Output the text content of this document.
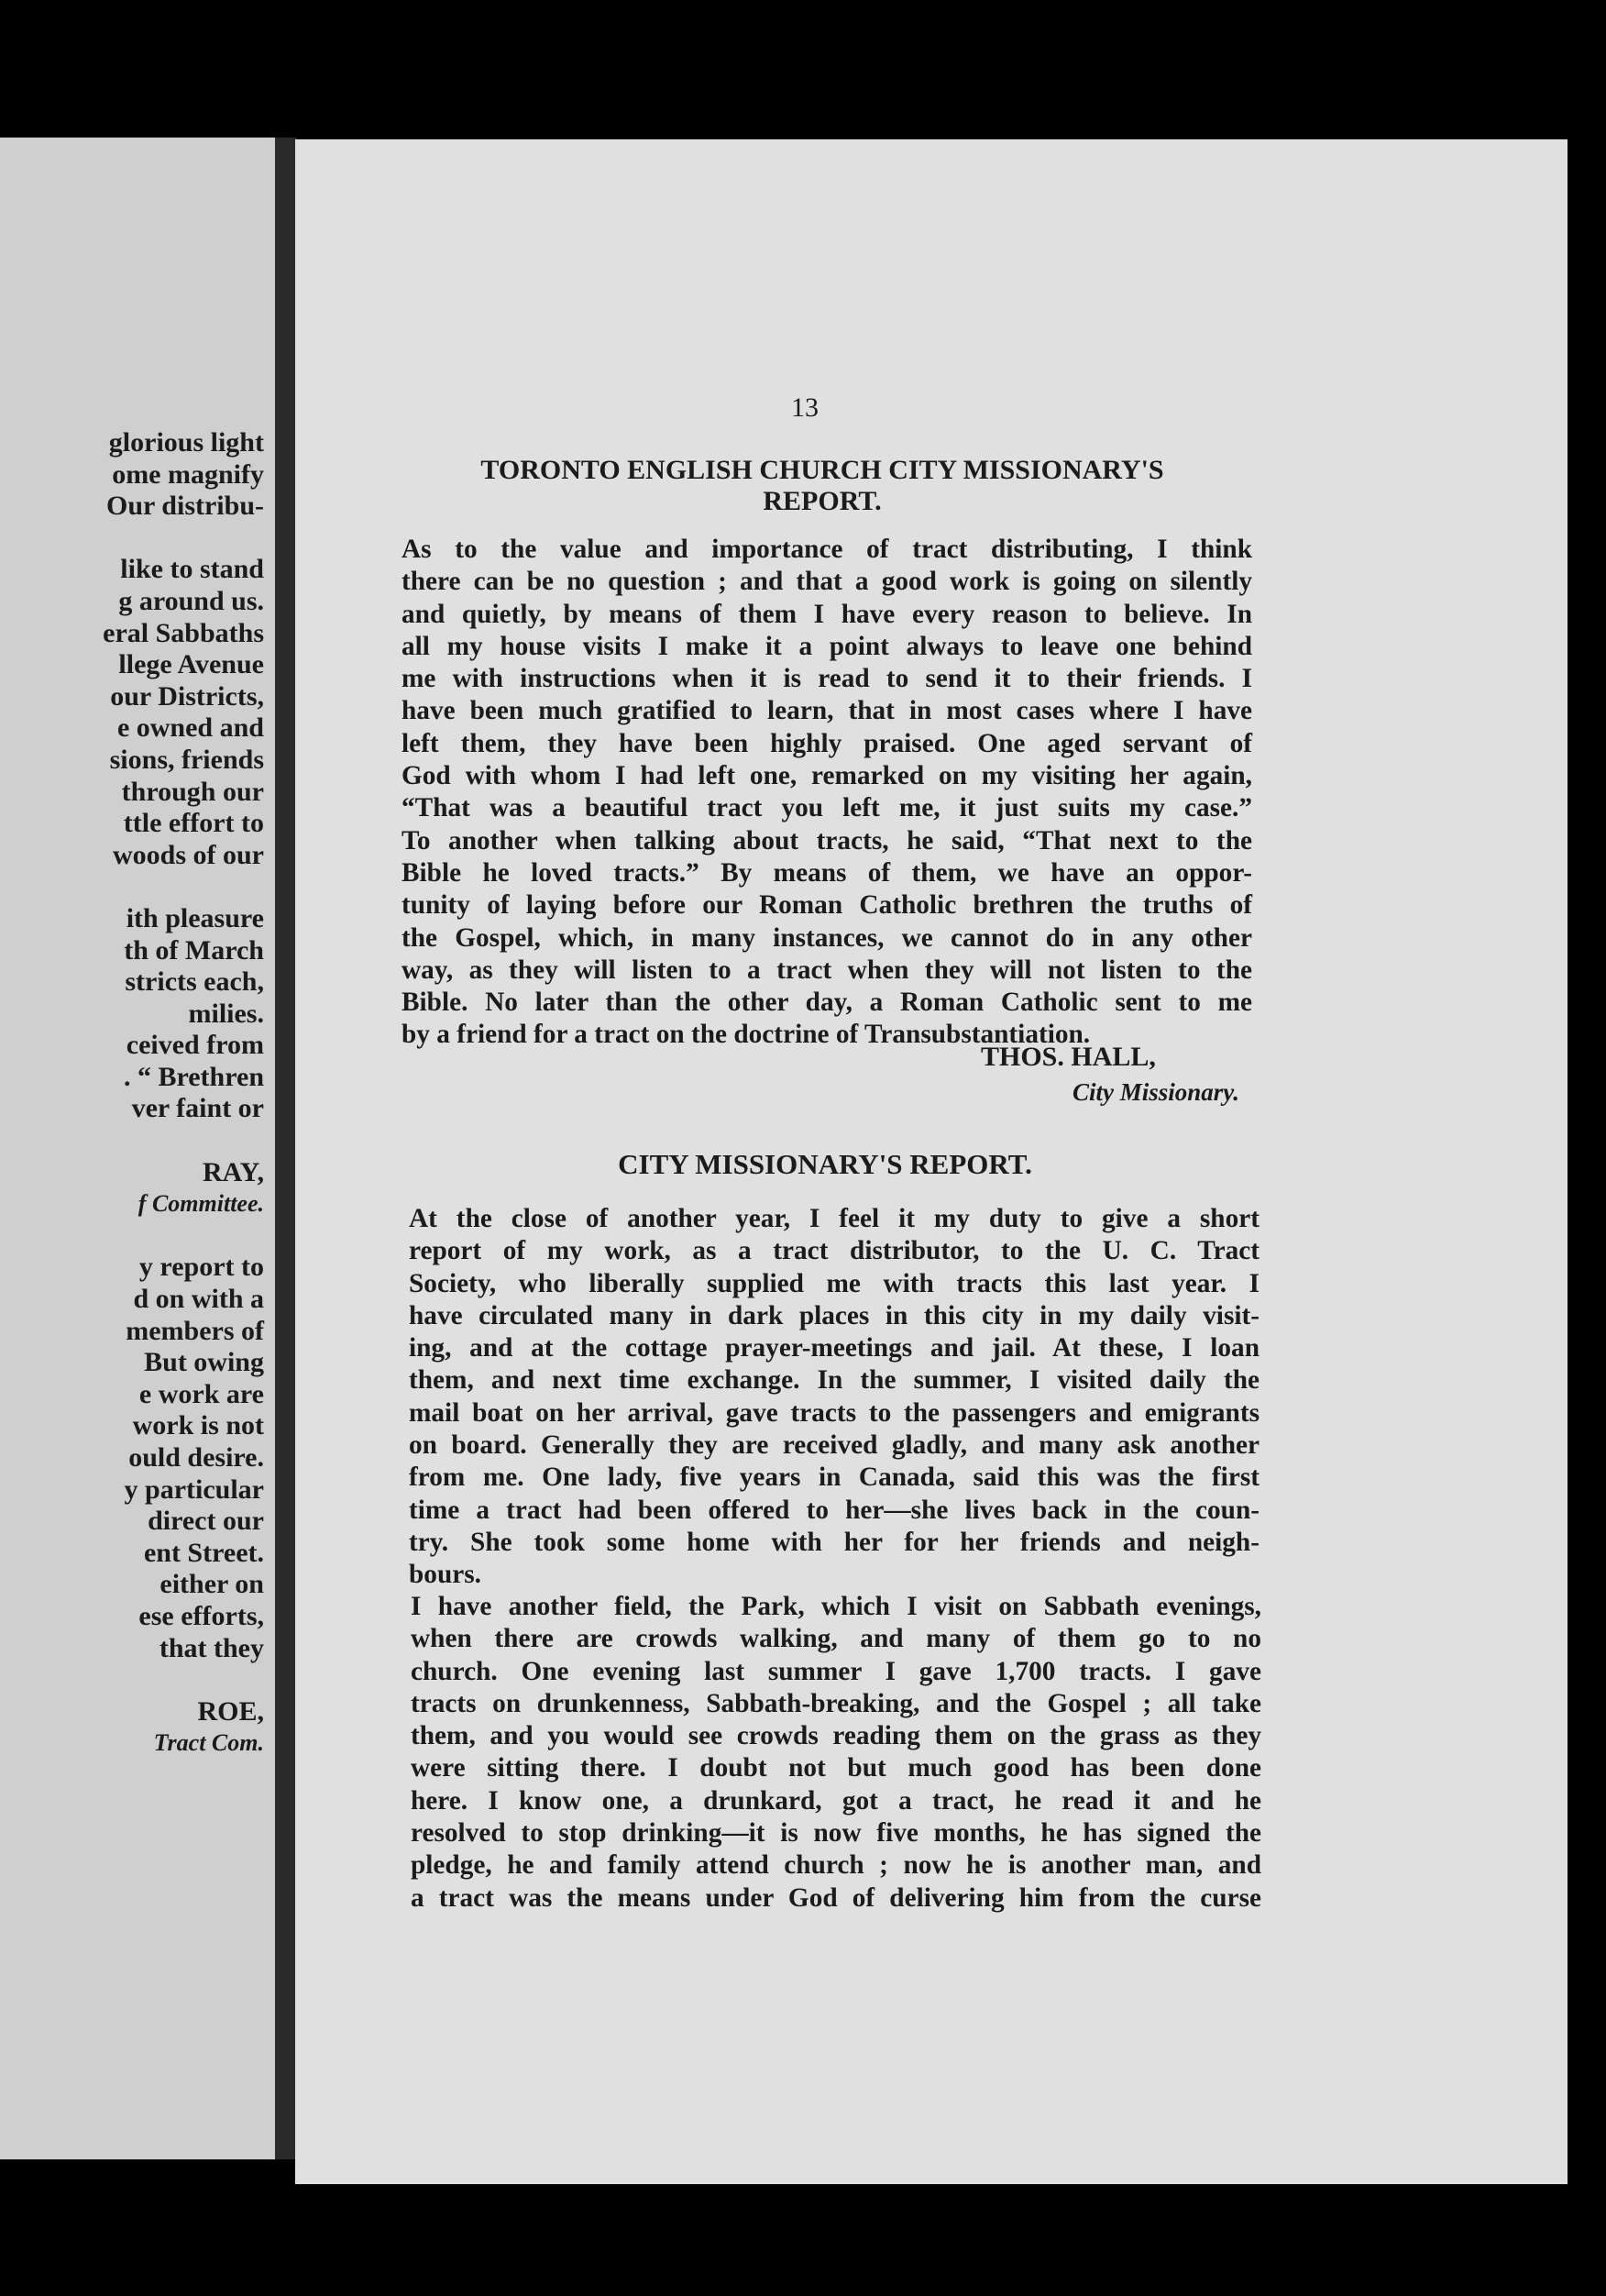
glorious light
ome magnify
Our distribu-

like to stand
g around us.
eral Sabbaths
llege Avenue
our Districts,
e owned and
sions, friends
through our
ttle effort to
woods of our

ith pleasure
th of March
stricts each,
milies.
ceived from
. “ Brethren
ver faint or

RAY,
f Committee.

y report to
d on with a
members of
But owing
e work are
work is not
ould desire.
y particular
direct our
ent Street.
either on
ese efforts,
that they

ROE,
Tract Com.
13
TORONTO ENGLISH CHURCH CITY MISSIONARY'S
REPORT.
As to the value and importance of tract distributing, I think
there can be no question ; and that a good work is going on silently
and quietly, by means of them I have every reason to believe. In
all my house visits I make it a point always to leave one behind
me with instructions when it is read to send it to their friends. I
have been much gratified to learn, that in most cases where I have
left them, they have been highly praised. One aged servant of
God with whom I had left one, remarked on my visiting her again,
“That was a beautiful tract you left me, it just suits my case.”
To another when talking about tracts, he said, “That next to the
Bible he loved tracts.” By means of them, we have an oppor-
tunity of laying before our Roman Catholic brethren the truths of
the Gospel, which, in many instances, we cannot do in any other
way, as they will listen to a tract when they will not listen to the
Bible. No later than the other day, a Roman Catholic sent to me
by a friend for a tract on the doctrine of Transubstantiation.
THOS. HALL,
City Missionary.
CITY MISSIONARY'S REPORT.
At the close of another year, I feel it my duty to give a short
report of my work, as a tract distributor, to the U. C. Tract
Society, who liberally supplied me with tracts this last year. I
have circulated many in dark places in this city in my daily visit-
ing, and at the cottage prayer-meetings and jail. At these, I loan
them, and next time exchange. In the summer, I visited daily the
mail boat on her arrival, gave tracts to the passengers and emigrants
on board. Generally they are received gladly, and many ask another
from me. One lady, five years in Canada, said this was the first
time a tract had been offered to her—she lives back in the coun-
try. She took some home with her for her friends and neigh-
bours.
I have another field, the Park, which I visit on Sabbath evenings,
when there are crowds walking, and many of them go to no
church. One evening last summer I gave 1,700 tracts. I gave
tracts on drunkenness, Sabbath-breaking, and the Gospel ; all take
them, and you would see crowds reading them on the grass as they
were sitting there. I doubt not but much good has been done
here. I know one, a drunkard, got a tract, he read it and he
resolved to stop drinking—it is now five months, he has signed the
pledge, he and family attend church ; now he is another man, and
a tract was the means under God of delivering him from the curse
